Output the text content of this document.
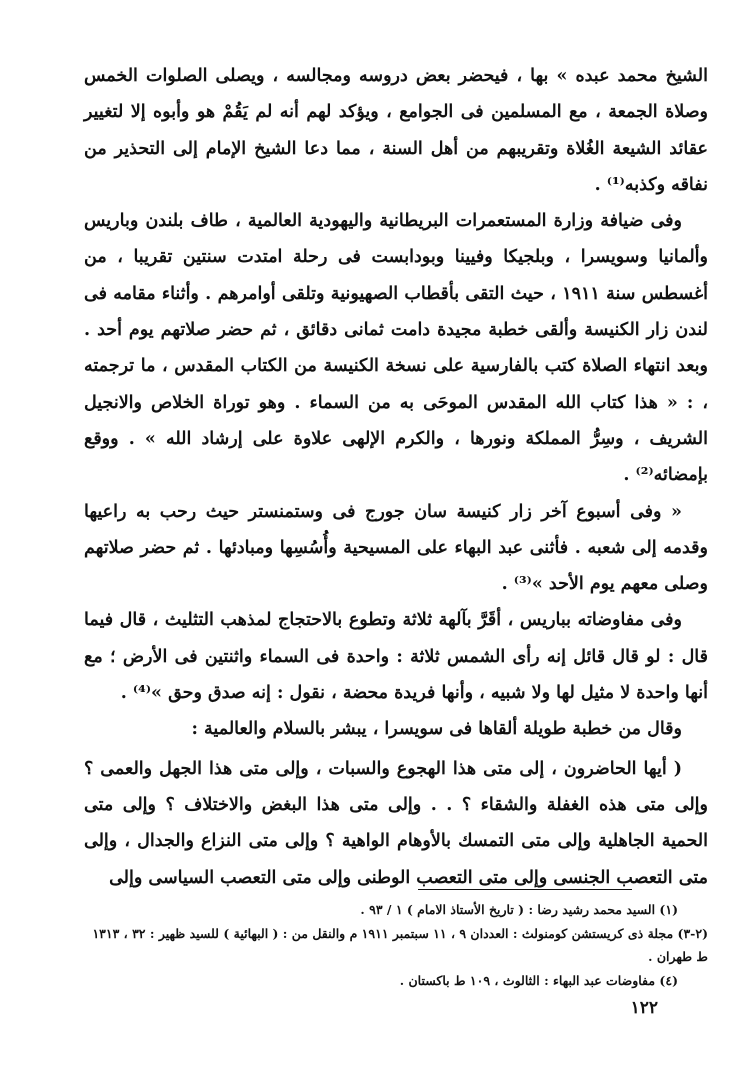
الشيخ محمد عبده » بها ، فيحضر بعض دروسه ومجالسه ، ويصلى الصلوات الخمس وصلاة الجمعة ، مع المسلمين فى الجوامع ، ويؤكد لهم أنه لم يَقُمْ هو وأبوه إلا لتغيير عقائد الشيعة الغُلاة وتقريبهم من أهل السنة ، مما دعا الشيخ الإمام إلى التحذير من نفاقه وكذبه⁽¹⁾ .

وفى ضيافة وزارة المستعمرات البريطانية واليهودية العالمية ، طاف بلندن وباريس وألمانيا وسويسرا ، وبلجيكا وفيينا وبودابست فى رحلة امتدت سنتين تقريبا ، من أغسطس سنة ١٩١١ ، حيث التقى بأقطاب الصهيونية وتلقى أوامرهم . وأثناء مقامه فى لندن زار الكنيسة وألقى خطبة مجيدة دامت ثمانى دقائق ، ثم حضر صلاتهم يوم أحد . وبعد انتهاء الصلاة كتب بالفارسية على نسخة الكنيسة من الكتاب المقدس ، ما ترجمته ، : « هذا كتاب الله المقدس الموحَى به من السماء . وهو توراة الخلاص والانجيل الشريف ، وسِرُّ المملكة ونورها ، والكرم الإلهى علاوة على إرشاد الله » . ووقع بإمضائه⁽²⁾ .

« وفى أسبوع آخر زار كنيسة سان جورج فى وستمنستر حيث رحب به راعيها وقدمه إلى شعبه . فأثنى عبد البهاء على المسيحية وأُسُسِها ومبادئها . ثم حضر صلاتهم وصلى معهم يوم الأحد »⁽³⁾ .

وفى مفاوضاته بباريس ، أقَرَّ بآلهة ثلاثة وتطوع بالاحتجاج لمذهب التثليث ، قال فيما قال : لو قال قائل إنه رأى الشمس ثلاثة : واحدة فى السماء واثنتين فى الأرض ؛ مع أنها واحدة لا مثيل لها ولا شبيه ، وأنها فريدة محضة ، نقول : إنه صدق وحق »⁽⁴⁾ .

وقال من خطبة طويلة ألقاها فى سويسرا ، يبشر بالسلام والعالمية :

( أيها الحاضرون ، إلى متى هذا الهجوع والسبات ، وإلى متى هذا الجهل والعمى ؟ وإلى متى هذه الغفلة والشقاء ؟ . . وإلى متى هذا البغض والاختلاف ؟ وإلى متى الحمية الجاهلية وإلى متى التمسك بالأوهام الواهية ؟ وإلى متى النزاع والجدال ، وإلى متى التعصب الجنسى وإلى متى التعصب الوطنى وإلى متى التعصب السياسى وإلى

(١) السيد محمد رشيد رضا : ( تاريخ الأستاذ الامام ) ١ / ٩٣ .

(٢-٣) مجلة ذى كريستشن كومنولث : العددان ٩ ، ١١ سبتمبر ١٩١١ م والنقل من : ( البهائية ) للسيد ظهير : ٣٢ ، ١٣١٣ ط طهران .

(٤) مفاوضات عبد البهاء : الثالوث ، ١٠٩ ط باكستان .

١٢٢
